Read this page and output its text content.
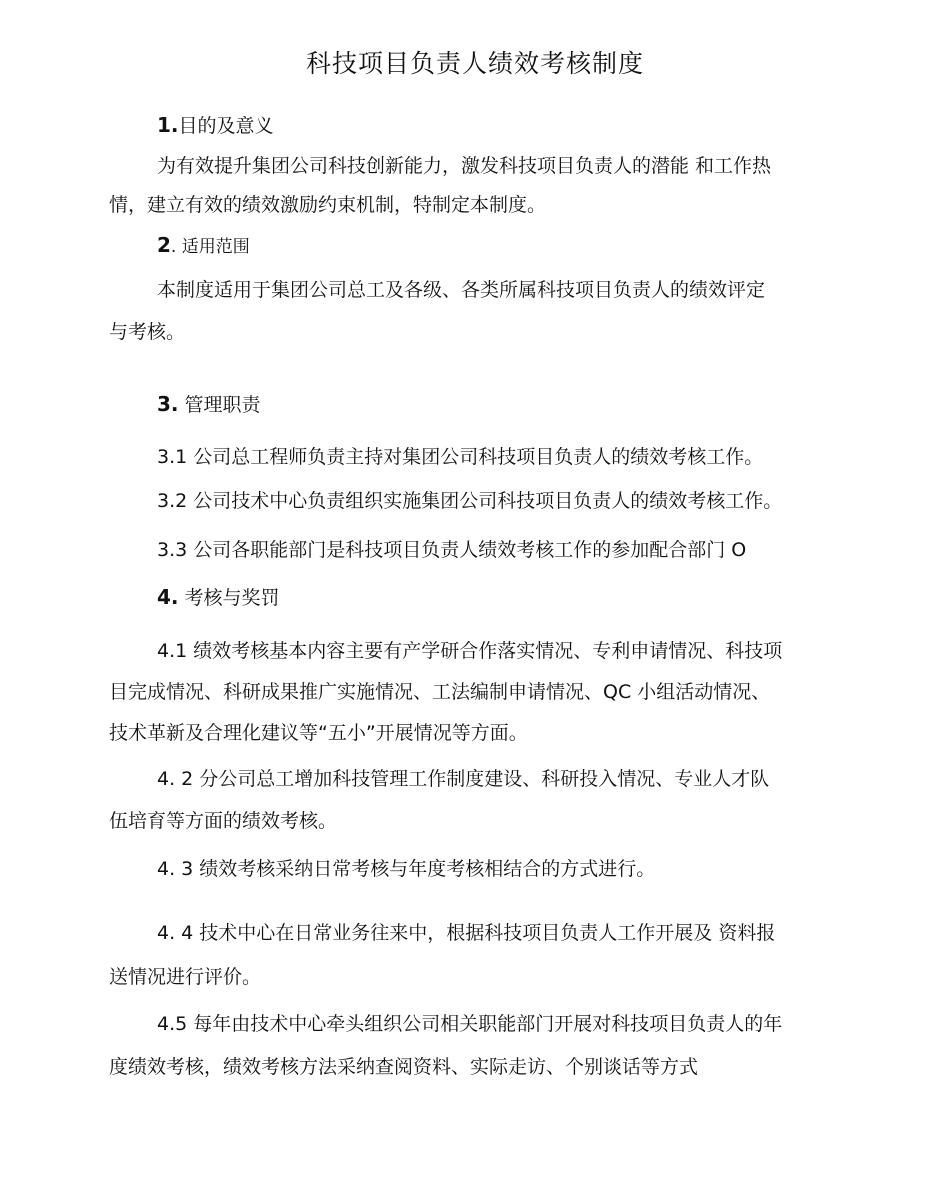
科技项目负责人绩效考核制度
1.目的及意义
为有效提升集团公司科技创新能力，激发科技项目负责人的潜能 和工作热
情，建立有效的绩效激励约束机制，特制定本制度。
2. 适用范围
本制度适用于集团公司总工及各级、各类所属科技项目负责人的绩效评定
与考核。
3. 管理职责
3.1 公司总工程师负责主持对集团公司科技项目负责人的绩效考核工作。
3.2 公司技术中心负责组织实施集团公司科技项目负责人的绩效考核工作。
3.3 公司各职能部门是科技项目负责人绩效考核工作的参加配合部门 O
4. 考核与奖罚
4.1 绩效考核基本内容主要有产学研合作落实情况、专利申请情况、科技项
目完成情况、科研成果推广实施情况、工法编制申请情况、QC 小组活动情况、
技术革新及合理化建议等“五小”开展情况等方面。
4. 2 分公司总工增加科技管理工作制度建设、科研投入情况、专业人才队
伍培育等方面的绩效考核。
4. 3 绩效考核采纳日常考核与年度考核相结合的方式进行。
4. 4 技术中心在日常业务往来中，根据科技项目负责人工作开展及 资料报
送情况进行评价。
4.5 每年由技术中心牵头组织公司相关职能部门开展对科技项目负责人的年
度绩效考核，绩效考核方法采纳查阅资料、实际走访、个别谈话等方式
